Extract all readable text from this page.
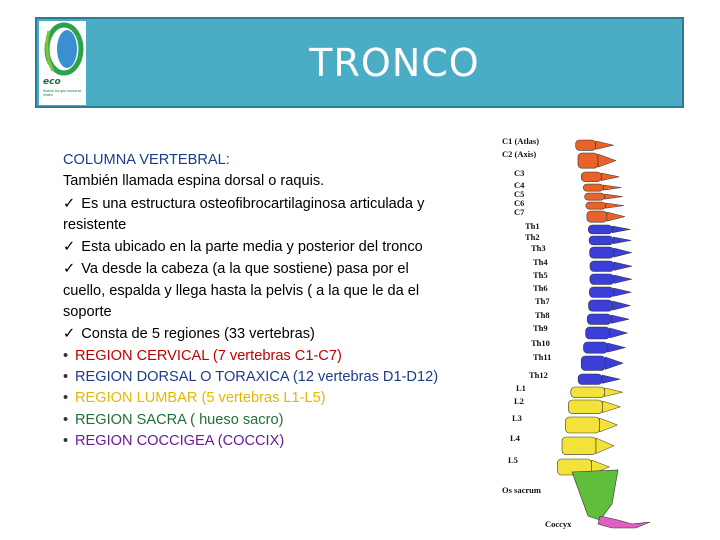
TRONCO
eco
Somos los que nunca se rinden
COLUMNA VERTEBRAL:
También llamada espina dorsal o raquis.
✓ Es una estructura osteofibrocartilaginosa articulada y
resistente
✓ Esta ubicado en la parte media y posterior del tronco
✓ Va desde la cabeza (a la que sostiene) pasa por el
cuello, espalda y llega hasta la pelvis ( a la que le da el
soporte
✓ Consta de 5 regiones (33 vertebras)
• REGION CERVICAL (7 vertebras C1-C7)
• REGION DORSAL O TORAXICA (12 vertebras D1-D12)
• REGION LUMBAR (5 vertebras L1-L5)
• REGION SACRA ( hueso sacro)
• REGION COCCIGEA (COCCIX)
C1 (Atlas)
C2 (Axis)
C3
C4
C5
C6
C7
Th1
Th2
Th3
Th4
Th5
Th6
Th7
Th8
Th9
Th10
Th11
Th12
L1
L2
L3
L4
L5
Os sacrum
Coccyx
